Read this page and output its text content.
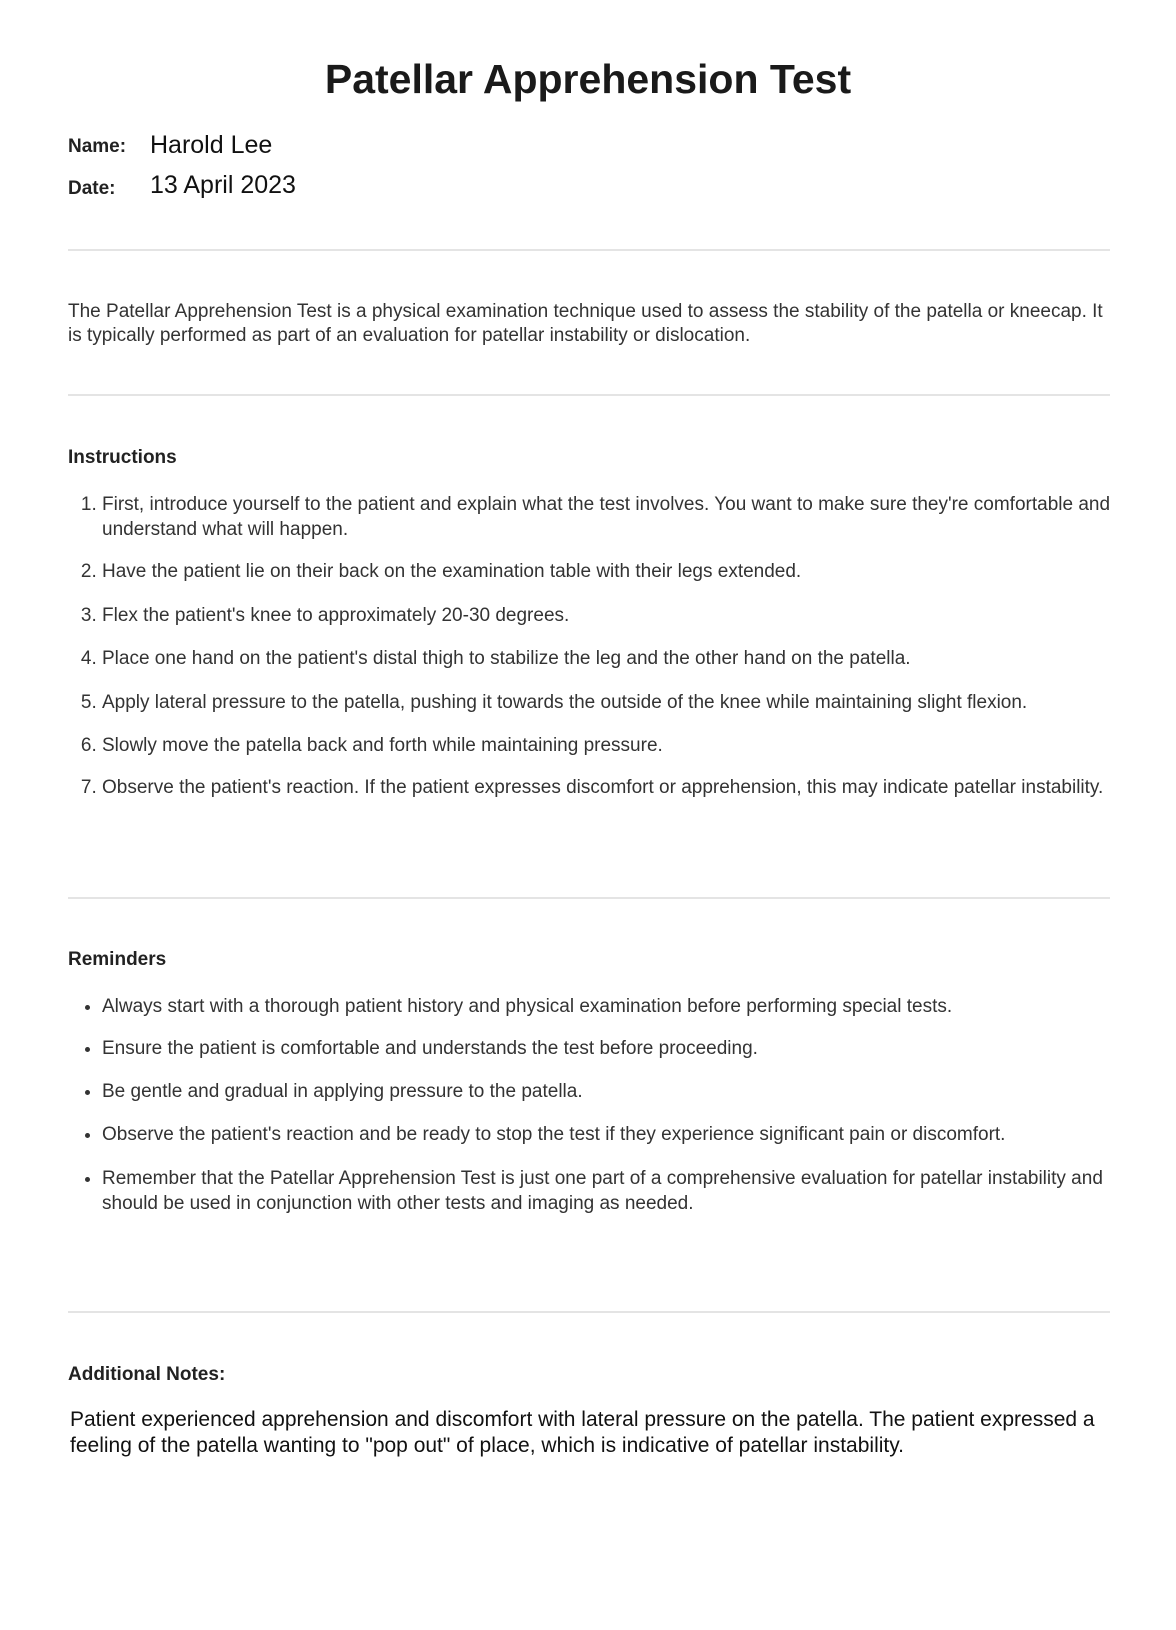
Patellar Apprehension Test
Name: Harold Lee
Date: 13 April 2023
The Patellar Apprehension Test is a physical examination technique used to assess the stability of the patella or kneecap. It is typically performed as part of an evaluation for patellar instability or dislocation.
Instructions
1. First, introduce yourself to the patient and explain what the test involves. You want to make sure they're comfortable and understand what will happen.
2. Have the patient lie on their back on the examination table with their legs extended.
3. Flex the patient's knee to approximately 20-30 degrees.
4. Place one hand on the patient's distal thigh to stabilize the leg and the other hand on the patella.
5. Apply lateral pressure to the patella, pushing it towards the outside of the knee while maintaining slight flexion.
6. Slowly move the patella back and forth while maintaining pressure.
7. Observe the patient's reaction. If the patient expresses discomfort or apprehension, this may indicate patellar instability.
Reminders
• Always start with a thorough patient history and physical examination before performing special tests.
• Ensure the patient is comfortable and understands the test before proceeding.
• Be gentle and gradual in applying pressure to the patella.
• Observe the patient's reaction and be ready to stop the test if they experience significant pain or discomfort.
• Remember that the Patellar Apprehension Test is just one part of a comprehensive evaluation for patellar instability and should be used in conjunction with other tests and imaging as needed.
Additional Notes:
Patient experienced apprehension and discomfort with lateral pressure on the patella. The patient expressed a feeling of the patella wanting to "pop out" of place, which is indicative of patellar instability.
